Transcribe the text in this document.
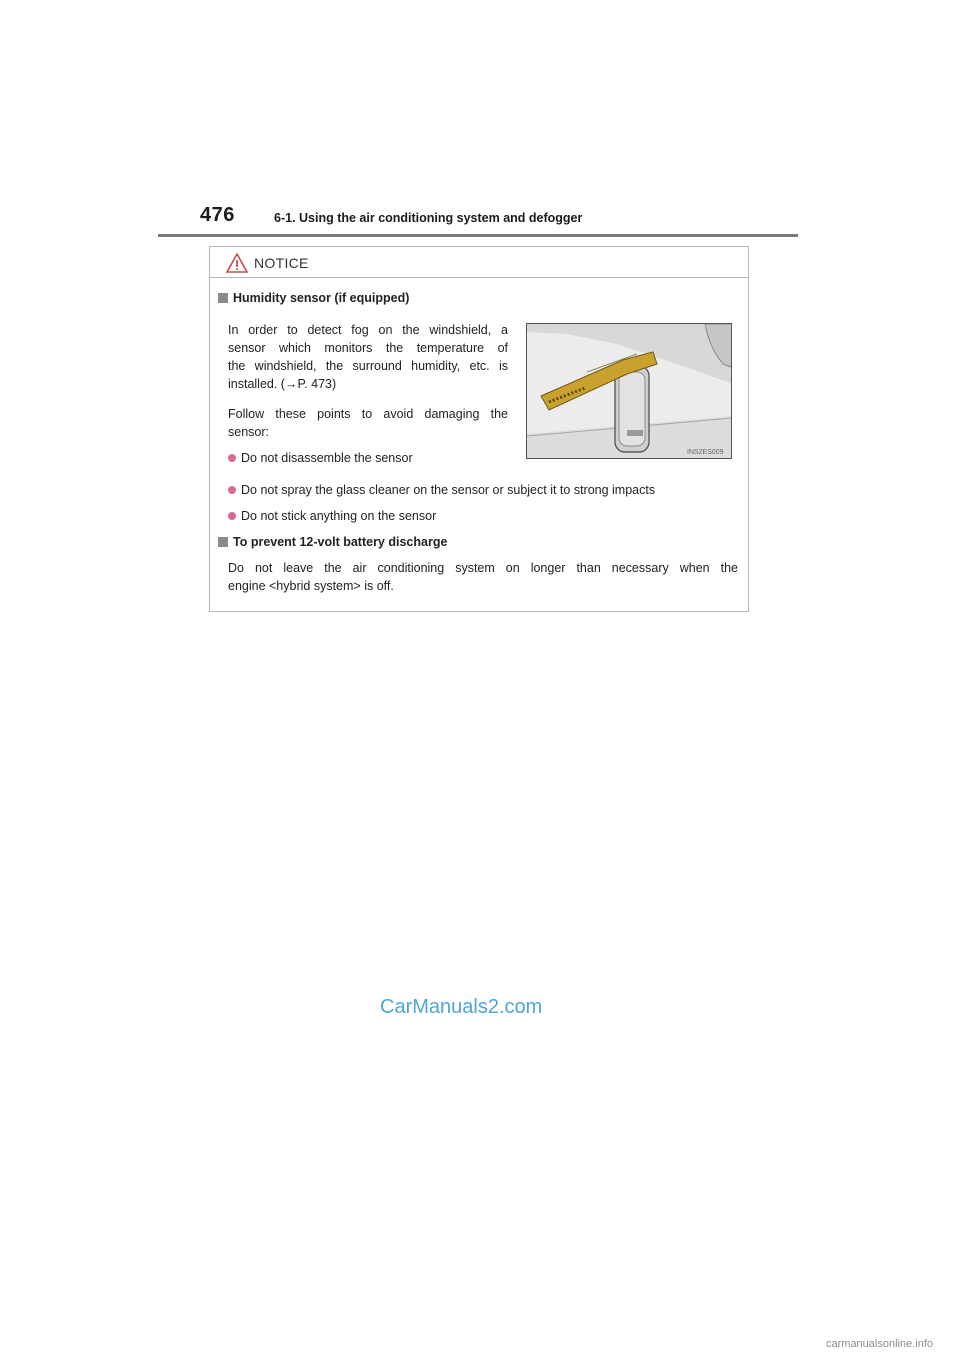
476	6-1. Using the air conditioning system and defogger
NOTICE
Humidity sensor (if equipped)
In order to detect fog on the windshield, a
sensor which monitors the temperature of
the windshield, the surround humidity, etc. is
installed. (→P. 473)
Follow these points to avoid damaging the
sensor:
Do not disassemble the sensor	INS2ES009
Do not spray the glass cleaner on the sensor or subject it to strong impacts
Do not stick anything on the sensor
To prevent 12-volt battery discharge
Do not leave the air conditioning system on longer than necessary when the
engine <hybrid system> is off.
CarManuals2.com
carmanualsonline.info
